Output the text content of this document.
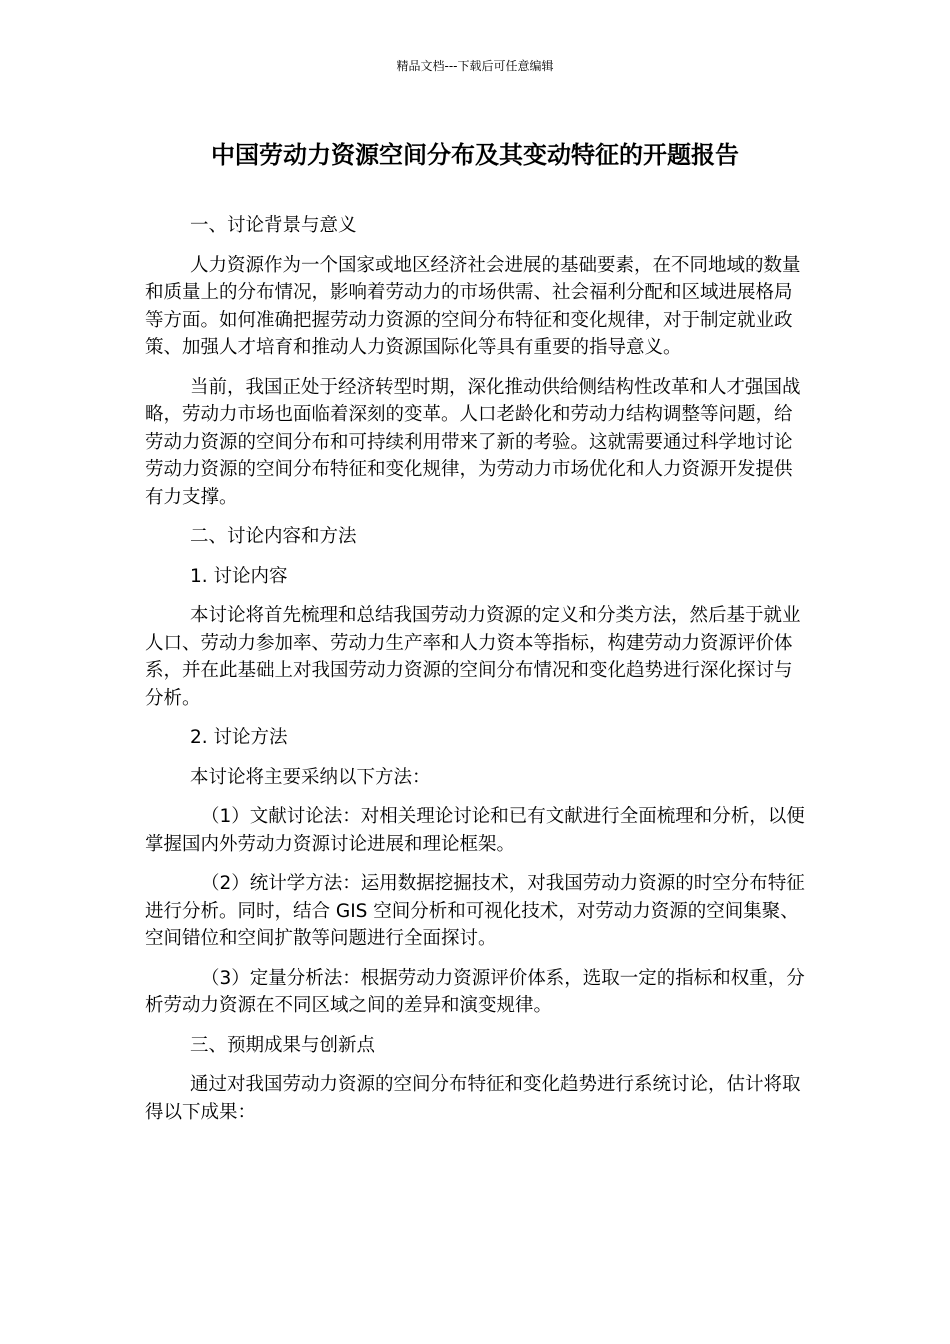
精品文档---下载后可任意编辑
中国劳动力资源空间分布及其变动特征的开题报告

一、讨论背景与意义

人力资源作为一个国家或地区经济社会进展的基础要素，在不同地域的数量和质量上的分布情况，影响着劳动力的市场供需、社会福利分配和区域进展格局等方面。如何准确把握劳动力资源的空间分布特征和变化规律，对于制定就业政策、加强人才培育和推动人力资源国际化等具有重要的指导意义。

当前，我国正处于经济转型时期，深化推动供给侧结构性改革和人才强国战略，劳动力市场也面临着深刻的变革。人口老龄化和劳动力结构调整等问题，给劳动力资源的空间分布和可持续利用带来了新的考验。这就需要通过科学地讨论劳动力资源的空间分布特征和变化规律，为劳动力市场优化和人力资源开发提供有力支撑。

二、讨论内容和方法

1. 讨论内容

本讨论将首先梳理和总结我国劳动力资源的定义和分类方法，然后基于就业人口、劳动力参加率、劳动力生产率和人力资本等指标，构建劳动力资源评价体系，并在此基础上对我国劳动力资源的空间分布情况和变化趋势进行深化探讨与分析。

2. 讨论方法

本讨论将主要采纳以下方法：

（1）文献讨论法：对相关理论讨论和已有文献进行全面梳理和分析，以便掌握国内外劳动力资源讨论进展和理论框架。

（2）统计学方法：运用数据挖掘技术，对我国劳动力资源的时空分布特征进行分析。同时，结合 GIS 空间分析和可视化技术，对劳动力资源的空间集聚、空间错位和空间扩散等问题进行全面探讨。

（3）定量分析法：根据劳动力资源评价体系，选取一定的指标和权重，分析劳动力资源在不同区域之间的差异和演变规律。

三、预期成果与创新点

通过对我国劳动力资源的空间分布特征和变化趋势进行系统讨论，估计将取得以下成果：
